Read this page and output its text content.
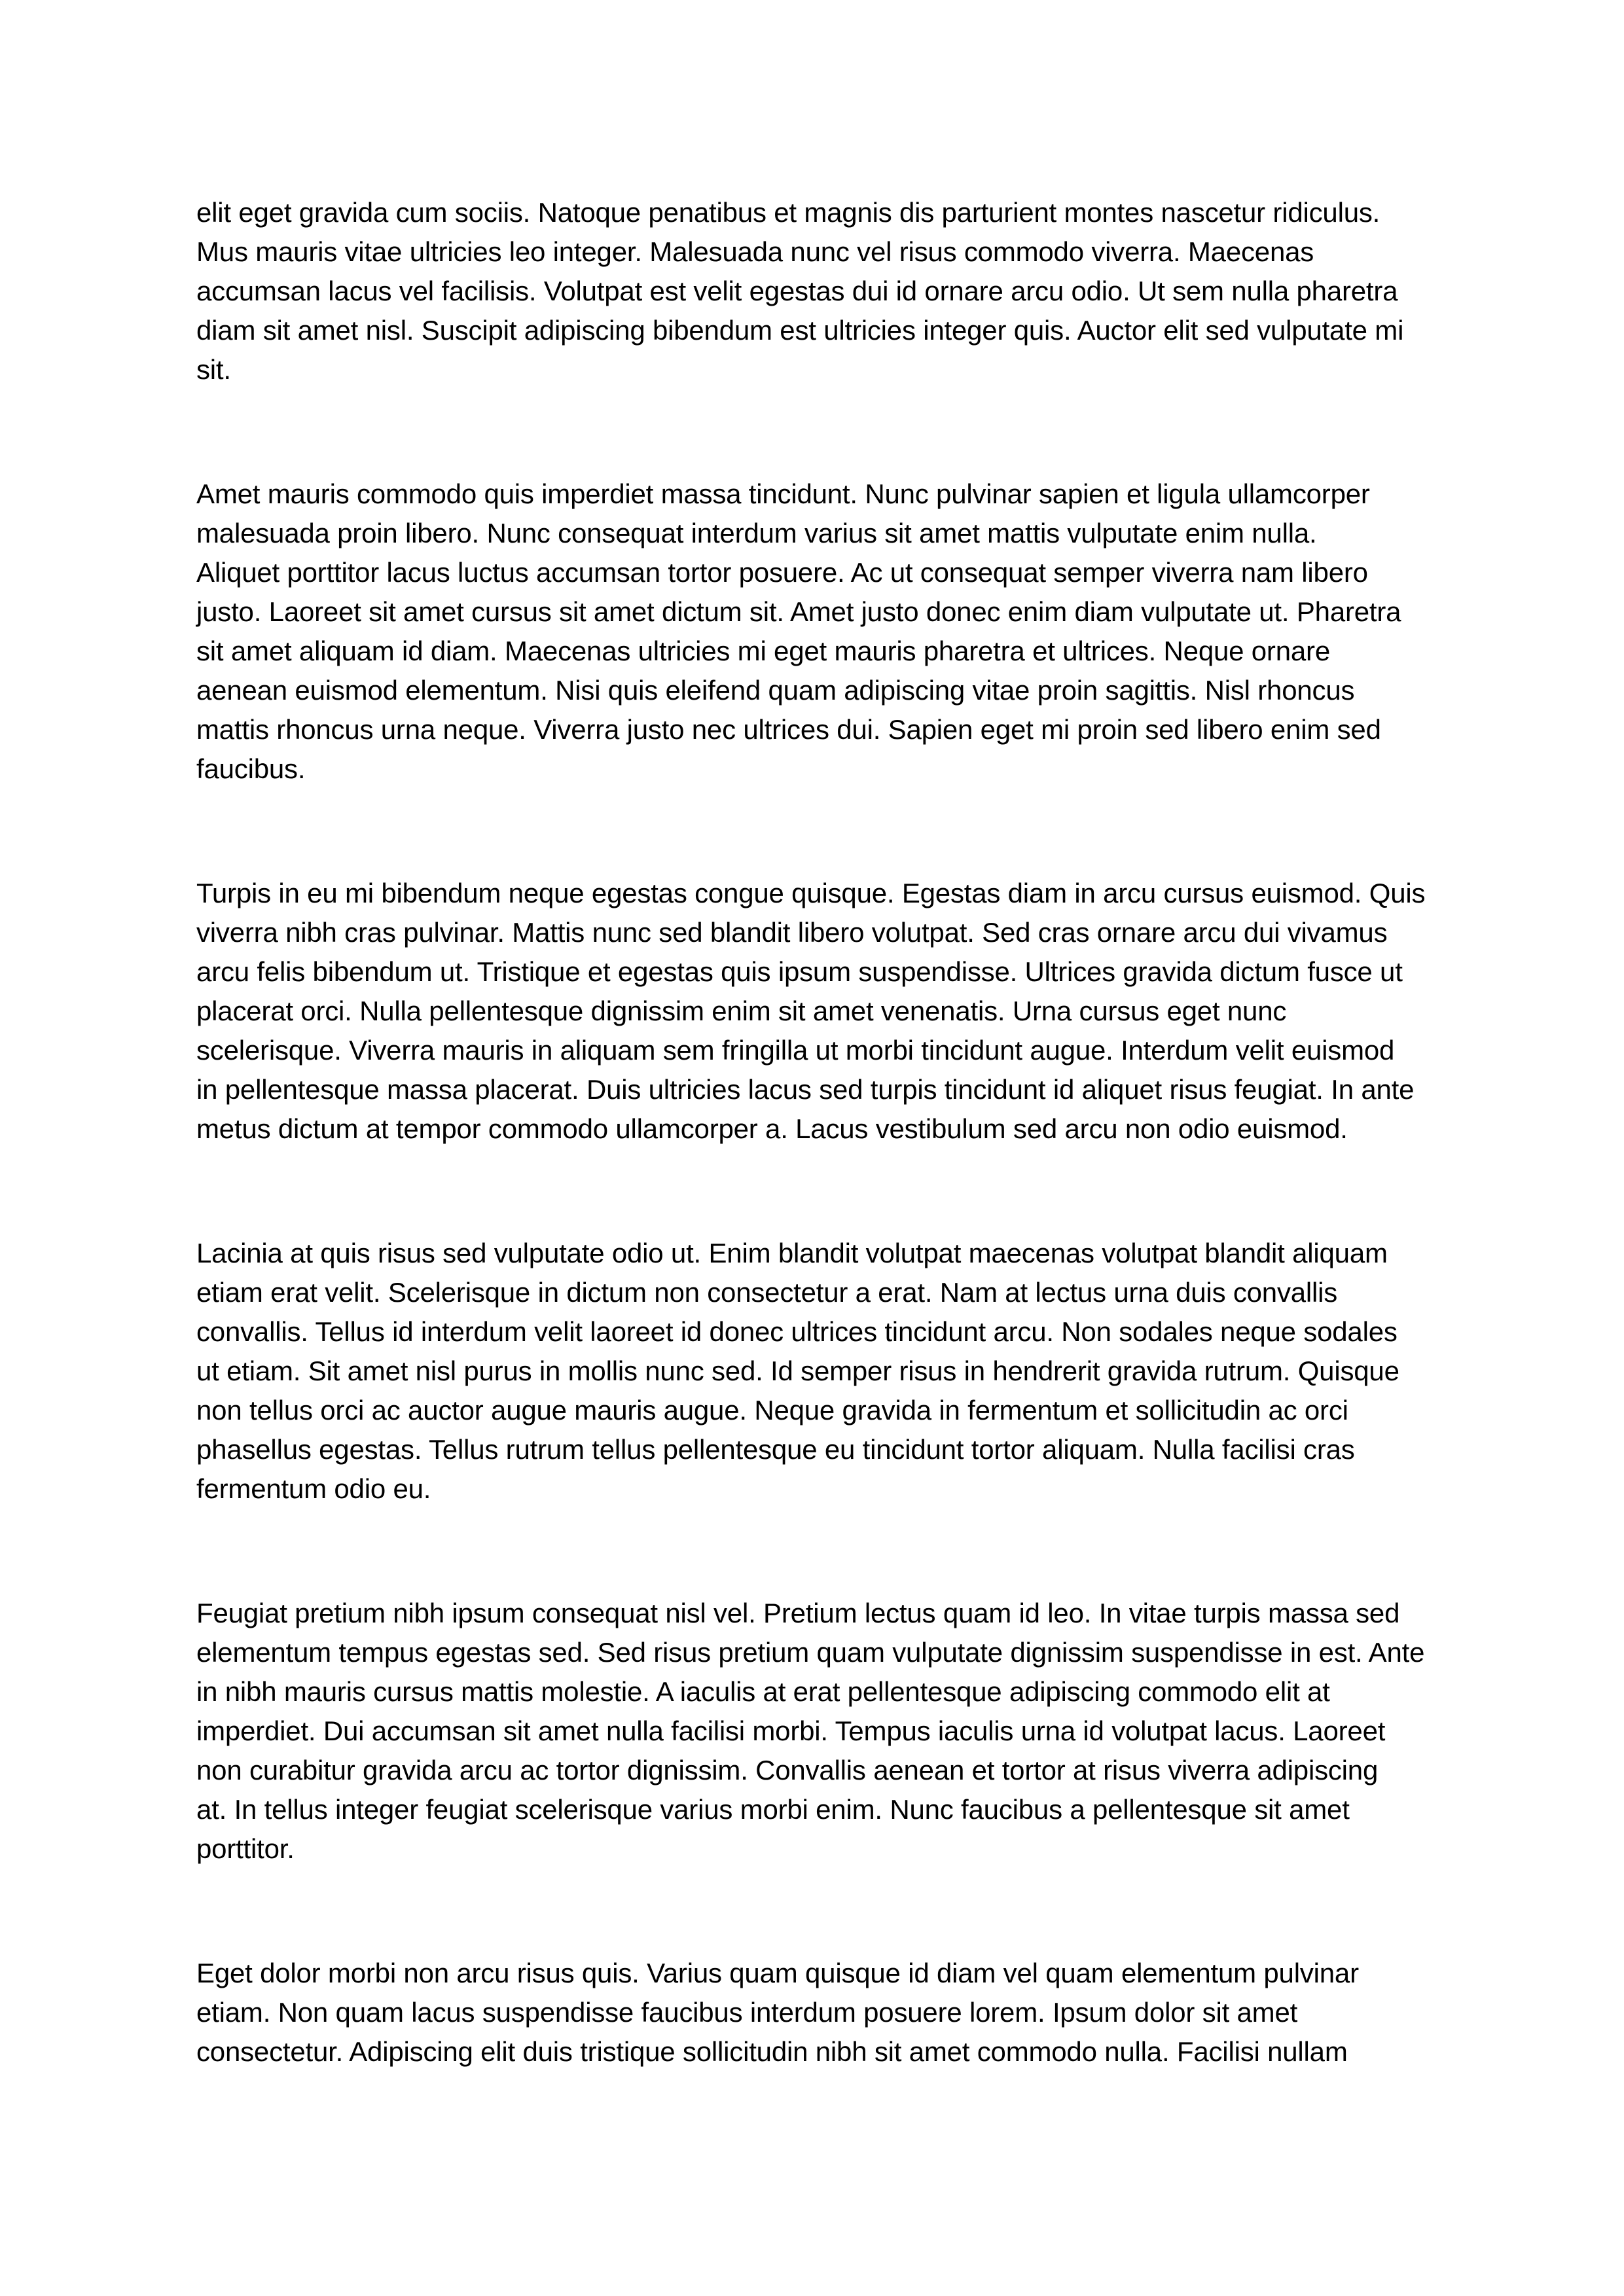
elit eget gravida cum sociis. Natoque penatibus et magnis dis parturient montes nascetur ridiculus.
Mus mauris vitae ultricies leo integer. Malesuada nunc vel risus commodo viverra. Maecenas
accumsan lacus vel facilisis. Volutpat est velit egestas dui id ornare arcu odio. Ut sem nulla pharetra
diam sit amet nisl. Suscipit adipiscing bibendum est ultricies integer quis. Auctor elit sed vulputate mi
sit.

Amet mauris commodo quis imperdiet massa tincidunt. Nunc pulvinar sapien et ligula ullamcorper
malesuada proin libero. Nunc consequat interdum varius sit amet mattis vulputate enim nulla.
Aliquet porttitor lacus luctus accumsan tortor posuere. Ac ut consequat semper viverra nam libero
justo. Laoreet sit amet cursus sit amet dictum sit. Amet justo donec enim diam vulputate ut. Pharetra
sit amet aliquam id diam. Maecenas ultricies mi eget mauris pharetra et ultrices. Neque ornare
aenean euismod elementum. Nisi quis eleifend quam adipiscing vitae proin sagittis. Nisl rhoncus
mattis rhoncus urna neque. Viverra justo nec ultrices dui. Sapien eget mi proin sed libero enim sed
faucibus.

Turpis in eu mi bibendum neque egestas congue quisque. Egestas diam in arcu cursus euismod. Quis
viverra nibh cras pulvinar. Mattis nunc sed blandit libero volutpat. Sed cras ornare arcu dui vivamus
arcu felis bibendum ut. Tristique et egestas quis ipsum suspendisse. Ultrices gravida dictum fusce ut
placerat orci. Nulla pellentesque dignissim enim sit amet venenatis. Urna cursus eget nunc
scelerisque. Viverra mauris in aliquam sem fringilla ut morbi tincidunt augue. Interdum velit euismod
in pellentesque massa placerat. Duis ultricies lacus sed turpis tincidunt id aliquet risus feugiat. In ante
metus dictum at tempor commodo ullamcorper a. Lacus vestibulum sed arcu non odio euismod.

Lacinia at quis risus sed vulputate odio ut. Enim blandit volutpat maecenas volutpat blandit aliquam
etiam erat velit. Scelerisque in dictum non consectetur a erat. Nam at lectus urna duis convallis
convallis. Tellus id interdum velit laoreet id donec ultrices tincidunt arcu. Non sodales neque sodales
ut etiam. Sit amet nisl purus in mollis nunc sed. Id semper risus in hendrerit gravida rutrum. Quisque
non tellus orci ac auctor augue mauris augue. Neque gravida in fermentum et sollicitudin ac orci
phasellus egestas. Tellus rutrum tellus pellentesque eu tincidunt tortor aliquam. Nulla facilisi cras
fermentum odio eu.

Feugiat pretium nibh ipsum consequat nisl vel. Pretium lectus quam id leo. In vitae turpis massa sed
elementum tempus egestas sed. Sed risus pretium quam vulputate dignissim suspendisse in est. Ante
in nibh mauris cursus mattis molestie. A iaculis at erat pellentesque adipiscing commodo elit at
imperdiet. Dui accumsan sit amet nulla facilisi morbi. Tempus iaculis urna id volutpat lacus. Laoreet
non curabitur gravida arcu ac tortor dignissim. Convallis aenean et tortor at risus viverra adipiscing
at. In tellus integer feugiat scelerisque varius morbi enim. Nunc faucibus a pellentesque sit amet
porttitor.

Eget dolor morbi non arcu risus quis. Varius quam quisque id diam vel quam elementum pulvinar
etiam. Non quam lacus suspendisse faucibus interdum posuere lorem. Ipsum dolor sit amet
consectetur. Adipiscing elit duis tristique sollicitudin nibh sit amet commodo nulla. Facilisi nullam
